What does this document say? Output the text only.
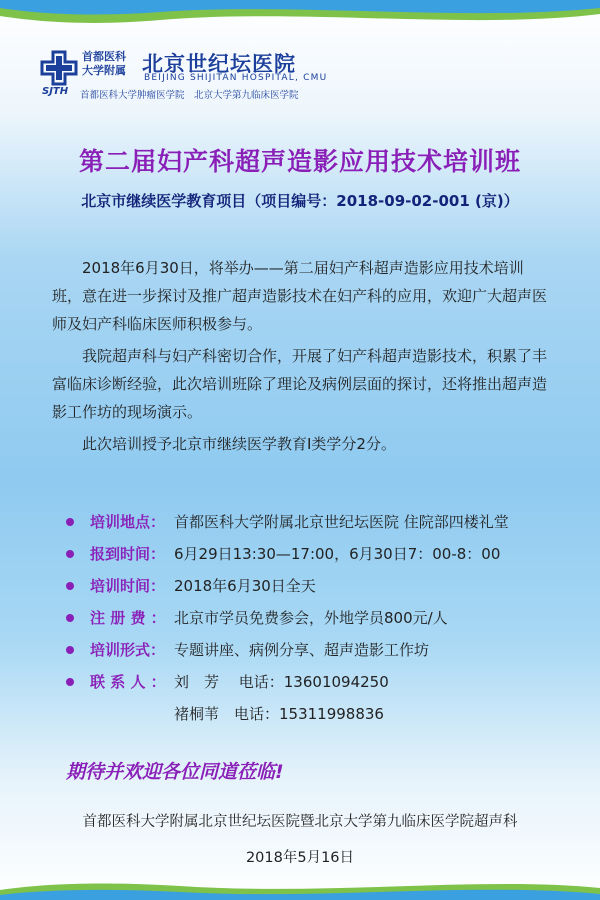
SJTH
首都医科
大学附属 北京世纪坛医院
BEIJING SHIJITAN HOSPITAL, CMU
首都医科大学肿瘤医学院　北京大学第九临床医学院
第二届妇产科超声造影应用技术培训班
北京市继续医学教育项目（项目编号：2018-09-02-001 (京)）

2018年6月30日，将举办——第二届妇产科超声造影应用技术培训班，意在进一步探讨及推广超声造影技术在妇产科的应用，欢迎广大超声医师及妇产科临床医师积极参与。

我院超声科与妇产科密切合作，开展了妇产科超声造影技术，积累了丰富临床诊断经验，此次培训班除了理论及病例层面的探讨，还将推出超声造影工作坊的现场演示。

此次培训授予北京市继续医学教育Ⅰ类学分2分。

培训地点： 首都医科大学附属北京世纪坛医院 住院部四楼礼堂
报到时间： 6月29日13:30—17:00，6月30日7：00-8：00
培训时间： 2018年6月30日全天
注 册 费 ： 北京市学员免费参会，外地学员800元/人
培训形式： 专题讲座、病例分享、超声造影工作坊
联 系 人 ： 刘　芳　 电话：13601094250
褚桐苇　电话：15311998836
期待并欢迎各位同道莅临!
首都医科大学附属北京世纪坛医院暨北京大学第九临床医学院超声科
2018年5月16日
